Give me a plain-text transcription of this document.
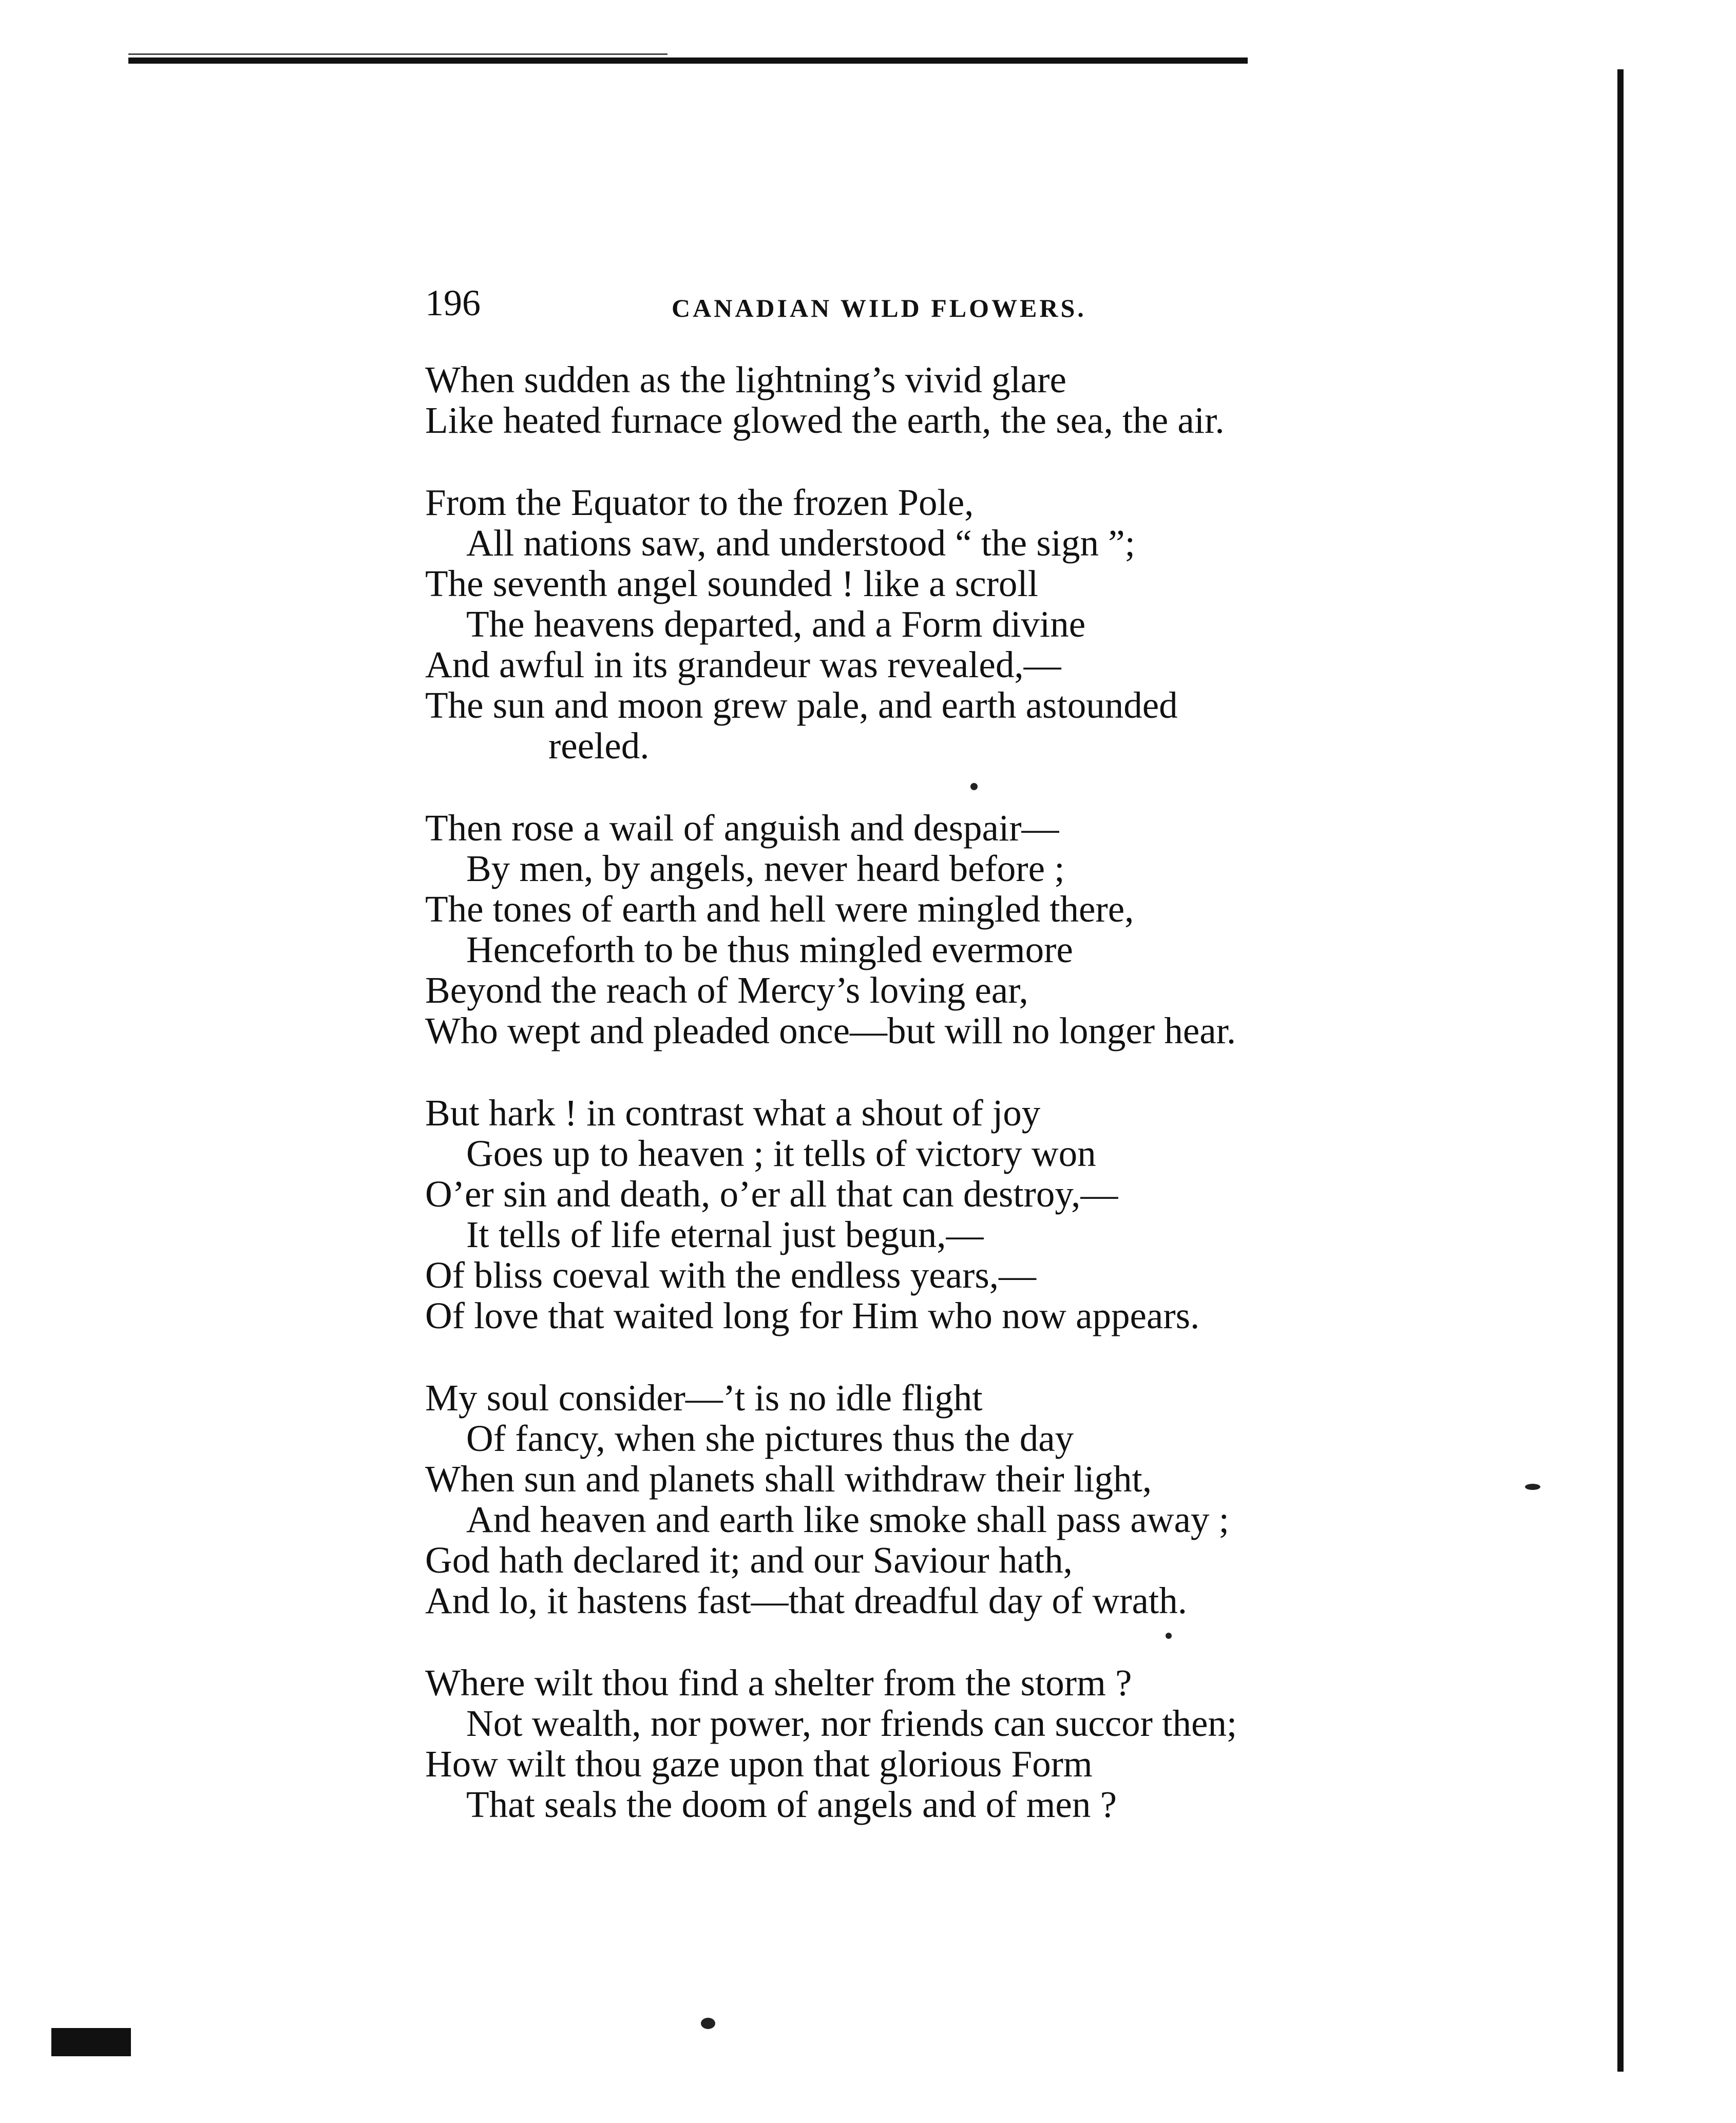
196	CANADIAN WILD FLOWERS.
When sudden as the lightning’s vivid glare
Like heated furnace glowed the earth, the sea, the air.
From the Equator to the frozen Pole,
All nations saw, and understood “ the sign ”;
The seventh angel sounded ! like a scroll
The heavens departed, and a Form divine
And awful in its grandeur was revealed,—
The sun and moon grew pale, and earth astounded
reeled.
Then rose a wail of anguish and despair—
By men, by angels, never heard before ;
The tones of earth and hell were mingled there,
Henceforth to be thus mingled evermore
Beyond the reach of Mercy’s loving ear,
Who wept and pleaded once—but will no longer hear.
But hark ! in contrast what a shout of joy
Goes up to heaven ; it tells of victory won
O’er sin and death, o’er all that can destroy,—
It tells of life eternal just begun,—
Of bliss coeval with the endless years,—
Of love that waited long for Him who now appears.
My soul consider—’t is no idle flight
Of fancy, when she pictures thus the day
When sun and planets shall withdraw their light,
And heaven and earth like smoke shall pass away ;
God hath declared it; and our Saviour hath,
And lo, it hastens fast—that dreadful day of wrath.
Where wilt thou find a shelter from the storm ?
Not wealth, nor power, nor friends can succor then;
How wilt thou gaze upon that glorious Form
That seals the doom of angels and of men ?
